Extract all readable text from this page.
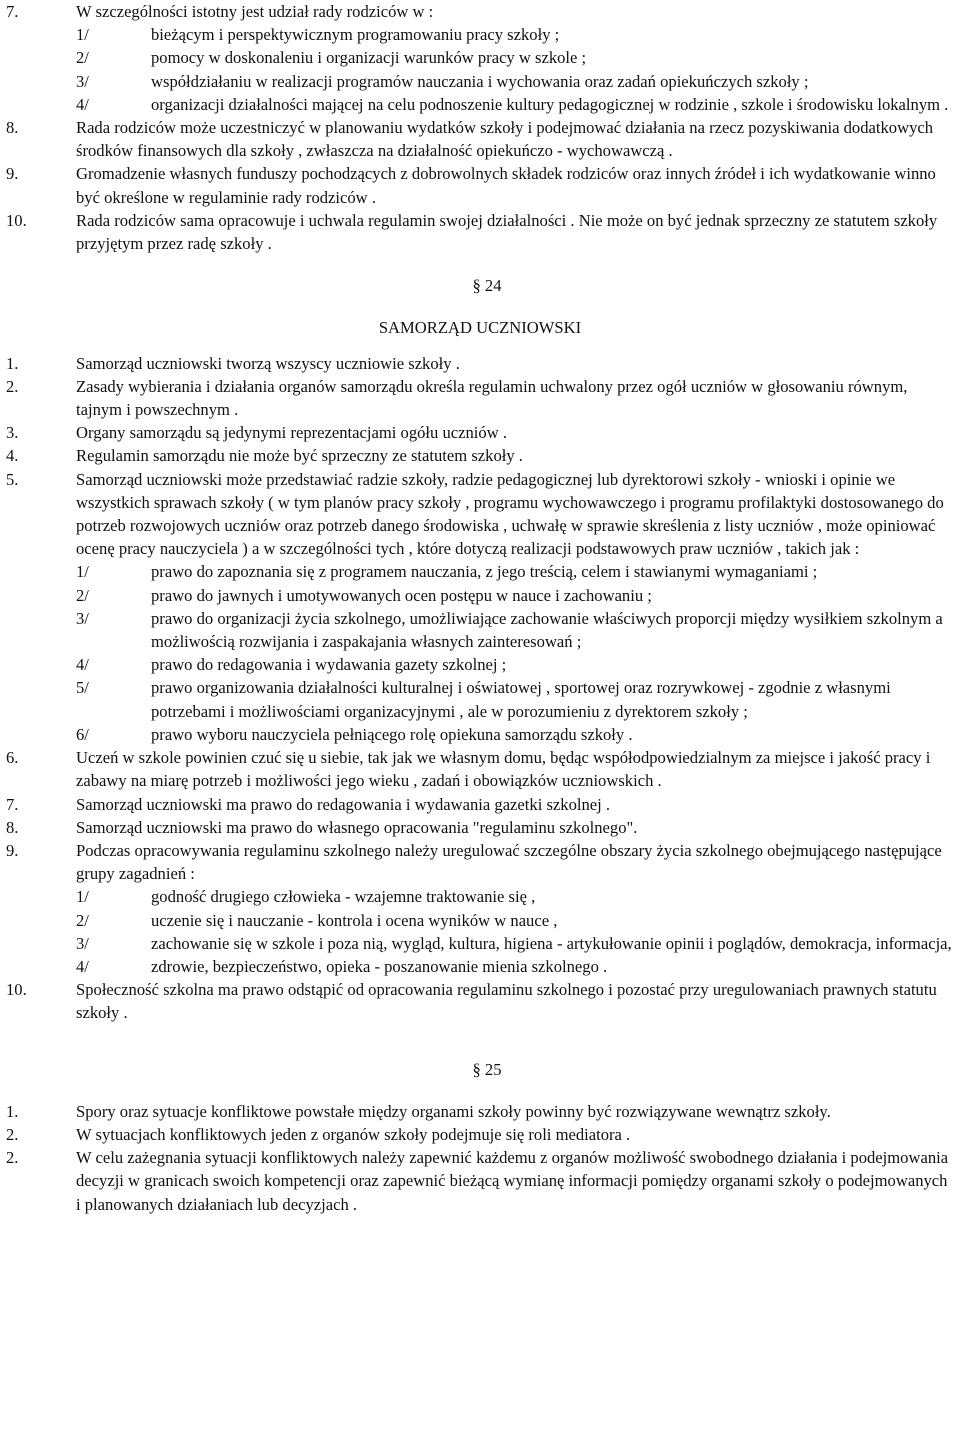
7.	W szczególności istotny jest udział rady rodziców w :
1/	bieżącym i perspektywicznym programowaniu pracy szkoły ;
2/	pomocy w doskonaleniu i organizacji warunków pracy w szkole ;
3/	współdziałaniu w realizacji programów nauczania i wychowania oraz zadań opiekuńczych szkoły ;
4/	organizacji działalności mającej na celu podnoszenie kultury pedagogicznej w rodzinie , szkole i środowisku lokalnym .
8.	Rada rodziców może uczestniczyć w planowaniu wydatków szkoły i podejmować działania na rzecz pozyskiwania dodatkowych środków finansowych dla szkoły , zwłaszcza na działalność opiekuńczo - wychowawczą .
9.	Gromadzenie własnych funduszy pochodzących z dobrowolnych składek rodziców oraz innych źródeł i ich wydatkowanie winno być określone w regulaminie rady rodziców .
10.	Rada rodziców sama opracowuje i uchwala regulamin swojej działalności . Nie może on być jednak sprzeczny ze statutem szkoły przyjętym przez radę szkoły .
§ 24
SAMORZĄD UCZNIOWSKI
1.	Samorząd uczniowski tworzą wszyscy uczniowie szkoły .
2.	Zasady wybierania i działania organów samorządu określa regulamin uchwalony przez ogół uczniów w głosowaniu równym, tajnym i powszechnym .
3.	Organy samorządu są jedynymi reprezentacjami ogółu uczniów .
4.	Regulamin samorządu nie może być sprzeczny ze statutem szkoły .
5.	Samorząd uczniowski może przedstawiać radzie szkoły, radzie pedagogicznej lub dyrektorowi szkoły - wnioski i opinie we wszystkich sprawach szkoły ( w tym planów pracy szkoły , programu wychowawczego i programu profilaktyki dostosowanego do potrzeb rozwojowych uczniów oraz potrzeb danego środowiska , uchwałę w sprawie skreślenia z listy uczniów , może opiniować ocenę pracy nauczyciela ) a w szczególności tych , które dotyczą realizacji podstawowych praw uczniów , takich jak :
1/	prawo do zapoznania się z programem nauczania, z jego treścią, celem i stawianymi wymaganiami ;
2/	prawo do jawnych i umotywowanych ocen postępu w nauce i zachowaniu ;
3/	prawo do organizacji życia szkolnego, umożliwiające zachowanie właściwych proporcji między wysiłkiem szkolnym a możliwością rozwijania i zaspakajania własnych zainteresowań ;
4/	prawo do redagowania i wydawania gazety szkolnej ;
5/	prawo organizowania działalności kulturalnej i oświatowej , sportowej oraz rozrywkowej - zgodnie z własnymi potrzebami i możliwościami organizacyjnymi , ale w porozumieniu z dyrektorem szkoły ;
6/	prawo wyboru nauczyciela pełniącego rolę opiekuna samorządu szkoły .
6.	Uczeń w szkole powinien czuć się u siebie, tak jak we własnym domu, będąc współodpowiedzialnym za miejsce i jakość pracy i zabawy na miarę potrzeb i możliwości jego wieku , zadań i obowiązków uczniowskich .
7.	Samorząd uczniowski ma prawo do redagowania i wydawania gazetki szkolnej .
8.	Samorząd uczniowski ma prawo do własnego opracowania "regulaminu szkolnego".
9.	Podczas opracowywania regulaminu szkolnego należy uregulować szczególne obszary życia szkolnego obejmującego następujące grupy zagadnień :
1/	godność drugiego człowieka - wzajemne traktowanie się ,
2/	uczenie się i nauczanie - kontrola i ocena wyników w nauce ,
3/	zachowanie się w szkole i poza nią, wygląd, kultura, higiena - artykułowanie opinii i poglądów, demokracja, informacja,
4/	zdrowie, bezpieczeństwo, opieka - poszanowanie mienia szkolnego .
10.	Społeczność szkolna ma prawo odstąpić od opracowania regulaminu szkolnego i pozostać przy uregulowaniach prawnych statutu szkoły .
§ 25
1.	Spory oraz sytuacje konfliktowe powstałe między organami szkoły powinny być rozwiązywane wewnątrz szkoły.
2.	W sytuacjach konfliktowych jeden z organów szkoły podejmuje się roli mediatora .
2.	W celu zażegnania sytuacji konfliktowych należy zapewnić każdemu z organów możliwość swobodnego działania i podejmowania decyzji w granicach swoich kompetencji oraz zapewnić bieżącą wymianę informacji pomiędzy organami szkoły o podejmowanych i planowanych działaniach lub decyzjach .
